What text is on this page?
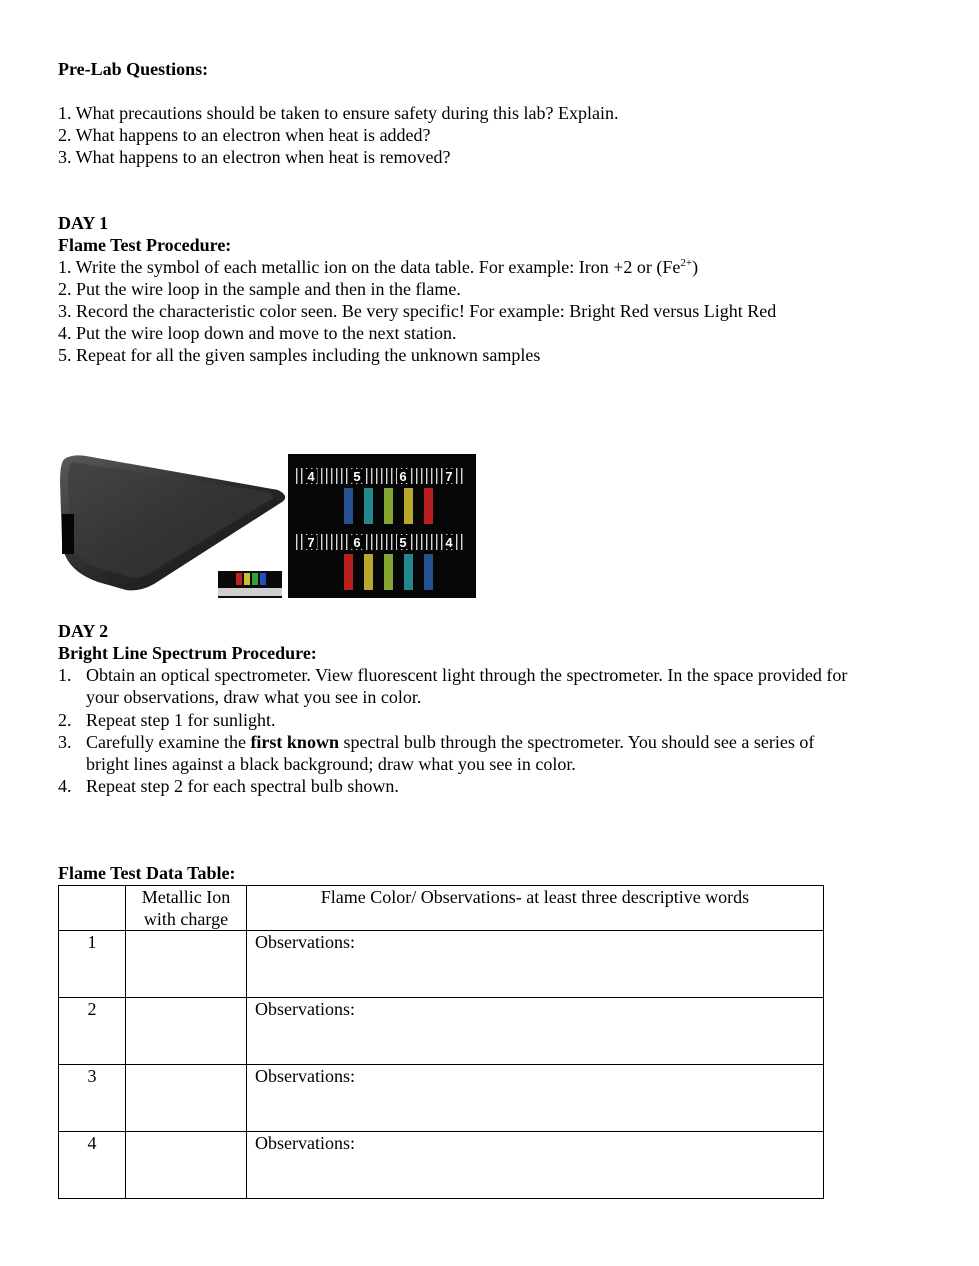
Pre-Lab Questions:
1. What precautions should be taken to ensure safety during this lab? Explain.
2. What happens to an electron when heat is added?
3. What happens to an electron when heat is removed?
DAY 1
Flame Test Procedure:
1. Write the symbol of each metallic ion on the data table. For example: Iron +2 or $(Fe^{2+})$
2. Put the wire loop in the sample and then in the flame.
3. Record the characteristic color seen. Be very specific! For example: Bright Red versus Light Red
4. Put the wire loop down and move to the next station.
5. Repeat for all the given samples including the unknown samples
4	5	6	7
7	6	5	4
DAY 2
Bright Line Spectrum Procedure:
1. Obtain an optical spectrometer. View fluorescent light through the spectrometer. In the space provided for
your observations, draw what you see in color.
2. Repeat step 1 for sunlight.
3. Carefully examine the first known spectral bulb through the spectrometer. You should see a series of
bright lines against a black background; draw what you see in color.
4. Repeat step 2 for each spectral bulb shown.
Flame Test Data Table:
	Metallic Ion with charge	Flame Color/ Observations- at least three descriptive words
1		Observations:
2		Observations:
3		Observations:
4		Observations:
